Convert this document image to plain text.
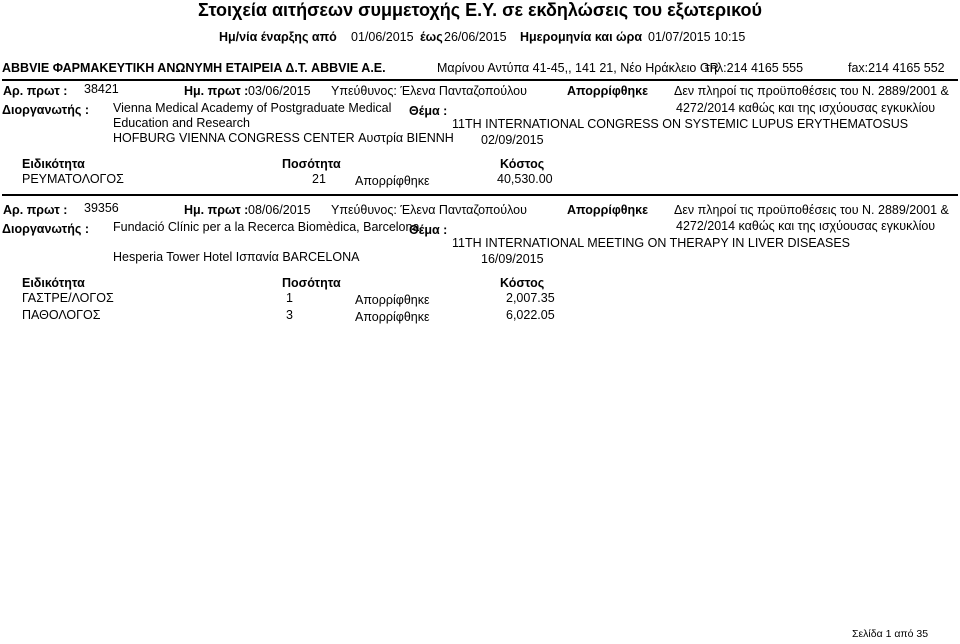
Στοιχεία αιτήσεων συμμετοχής Ε.Υ. σε εκδηλώσεις του εξωτερικού
Ημ/νία έναρξης από 01/06/2015 έως 26/06/2015 Ημερομηνία και ώρα 01/07/2015 10:15
ABBVIE ΦΑΡΜΑΚΕΥΤΙΚΗ ΑΝΩΝΥΜΗ ΕΤΑΙΡΕΙΑ Δ.Τ. ABBVIE A.E.	Μαρίνου Αντύπα 41-45,, 141 21, Νέο Ηράκλειο GR
τηλ:214 4165 555	fax:214 4165 552
Αρ. πρωτ : 38421	Ημ. πρωτ : 03/06/2015 Υπεύθυνος: Έλενα Πανταζοπούλου	Απορρίφθηκε Δεν πληροί τις προϋποθέσεις του Ν. 2889/2001 &
4272/2014 καθώς και της ισχύουσας εγκυκλίου
Διοργανωτής : Vienna Medical Academy of Postgraduate Medical
Education and Research
Θέμα :
11TH INTERNATIONAL CONGRESS ON SYSTEMIC LUPUS ERYTHEMATOSUS
HOFBURG VIENNA CONGRESS CENTER Αυστρία ΒΙΕΝΝΗ 02/09/2015
Ειδικότητα	Ποσότητα	Κόστος
ΡΕΥΜΑΤΟΛΟΓΟΣ	21 Απορρίφθηκε	40,530.00
Αρ. πρωτ : 39356	Ημ. πρωτ : 08/06/2015 Υπεύθυνος: Έλενα Πανταζοπούλου	Απορρίφθηκε Δεν πληροί τις προϋποθέσεις του Ν. 2889/2001 &
4272/2014 καθώς και της ισχύουσας εγκυκλίου
Διοργανωτής : Fundació Clínic per a la Recerca Biomèdica, Barcelona
Θέμα :
11TH INTERNATIONAL MEETING ON THERAPY IN LIVER DISEASES
Hesperia Tower Hotel Ισπανία BARCELONA	16/09/2015
Ειδικότητα	Ποσότητα	Κόστος
ΓΑΣΤΡΕ/ΛΟΓΟΣ	1	Απορρίφθηκε	2,007.35
ΠΑΘΟΛΟΓΟΣ	3	Απορρίφθηκε	6,022.05
Σελίδα 1 από 35
